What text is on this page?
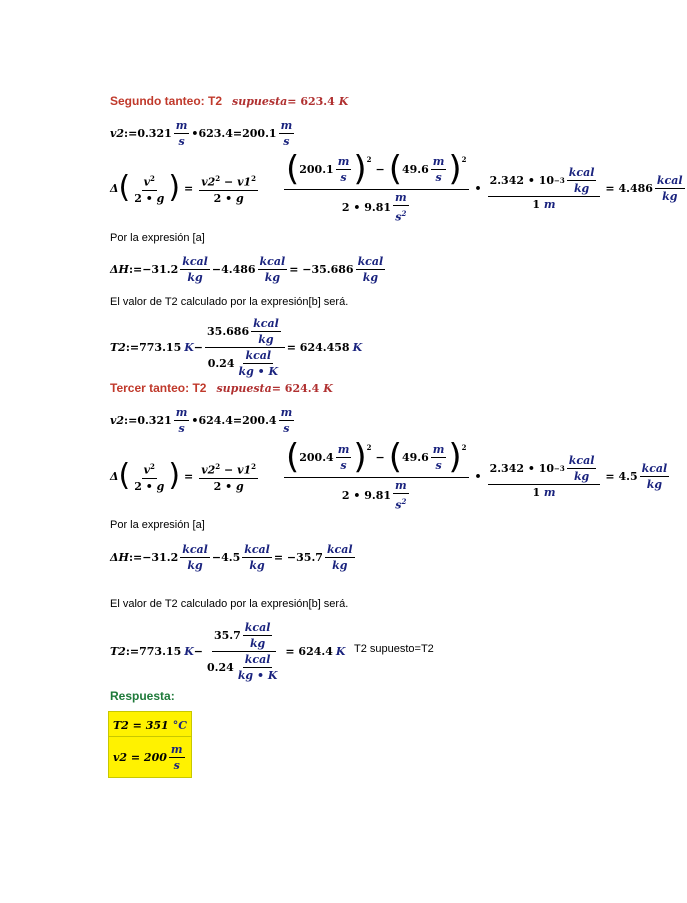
Segundo tanteo: T2 supuesta = 623.4 K
v2 := $0.321 \frac{m}{s}$ • $623.4 = 200.1 \frac{m}{s}$
Δ ( $\frac{v^2}{2 • g}$ ) = $\frac{v2^2 - v1^2}{2 • g}$ ( $200.1 \frac{m}{s} )^2$
− ( $49.6 \frac{m}{s} )^2$
2 • $9.81 \frac{m}{s^2}$
• $\frac{2.342 • 10 -3 \frac{\text{kcal}}{kg}}{1 m} = 4.486 \frac{\text{kcal}}{kg}$
Por la expresión [a]
ΔH := $-31.2 \frac{\text{kcal}}{kg} - 4.486 \frac{\text{kcal}}{kg} = -35.686 \frac{\text{kcal}}{kg}$
El valor de T2 calculado por la expresión[b] será.
T2 := 773.15 $K - \frac{35.686 \frac{\text{kcal}}{kg}}{0.24 \frac{\text{kcal}}{kg • K}} = 624.458$ K
Tercer tanteo: T2 supuesta = 624.4 K
v2 := $0.321 \frac{m}{s}$ • $624.4 = 200.4 \frac{m}{s}$
Δ ( $\frac{v^2}{2 • g}$ ) = $\frac{v2^2 - v1^2}{2 • g}$ ( $200.4 \frac{m}{s} )^2$
− ( $49.6 \frac{m}{s} )^2$
2 • $9.81 \frac{m}{s^2}$
• $\frac{2.342 • 10 -3 \frac{\text{kcal}}{kg}}{1 m} = 4.5 \frac{\text{kcal}}{kg}$
Por la expresión [a]
ΔH := $-31.2 \frac{\text{kcal}}{kg} - 4.5 \frac{\text{kcal}}{kg} = -35.7 \frac{\text{kcal}}{kg}$
El valor de T2 calculado por la expresión[b] será.
T2 := 773.15 $K - \frac{35.7 \frac{\text{kcal}}{kg}}{0.24 \frac{\text{kcal}}{kg • K}} = 624.4$ K T2 supuesto=T2
Respuesta:
T2 = 351 °C
$v2 = 200 \frac{m}{s}$
